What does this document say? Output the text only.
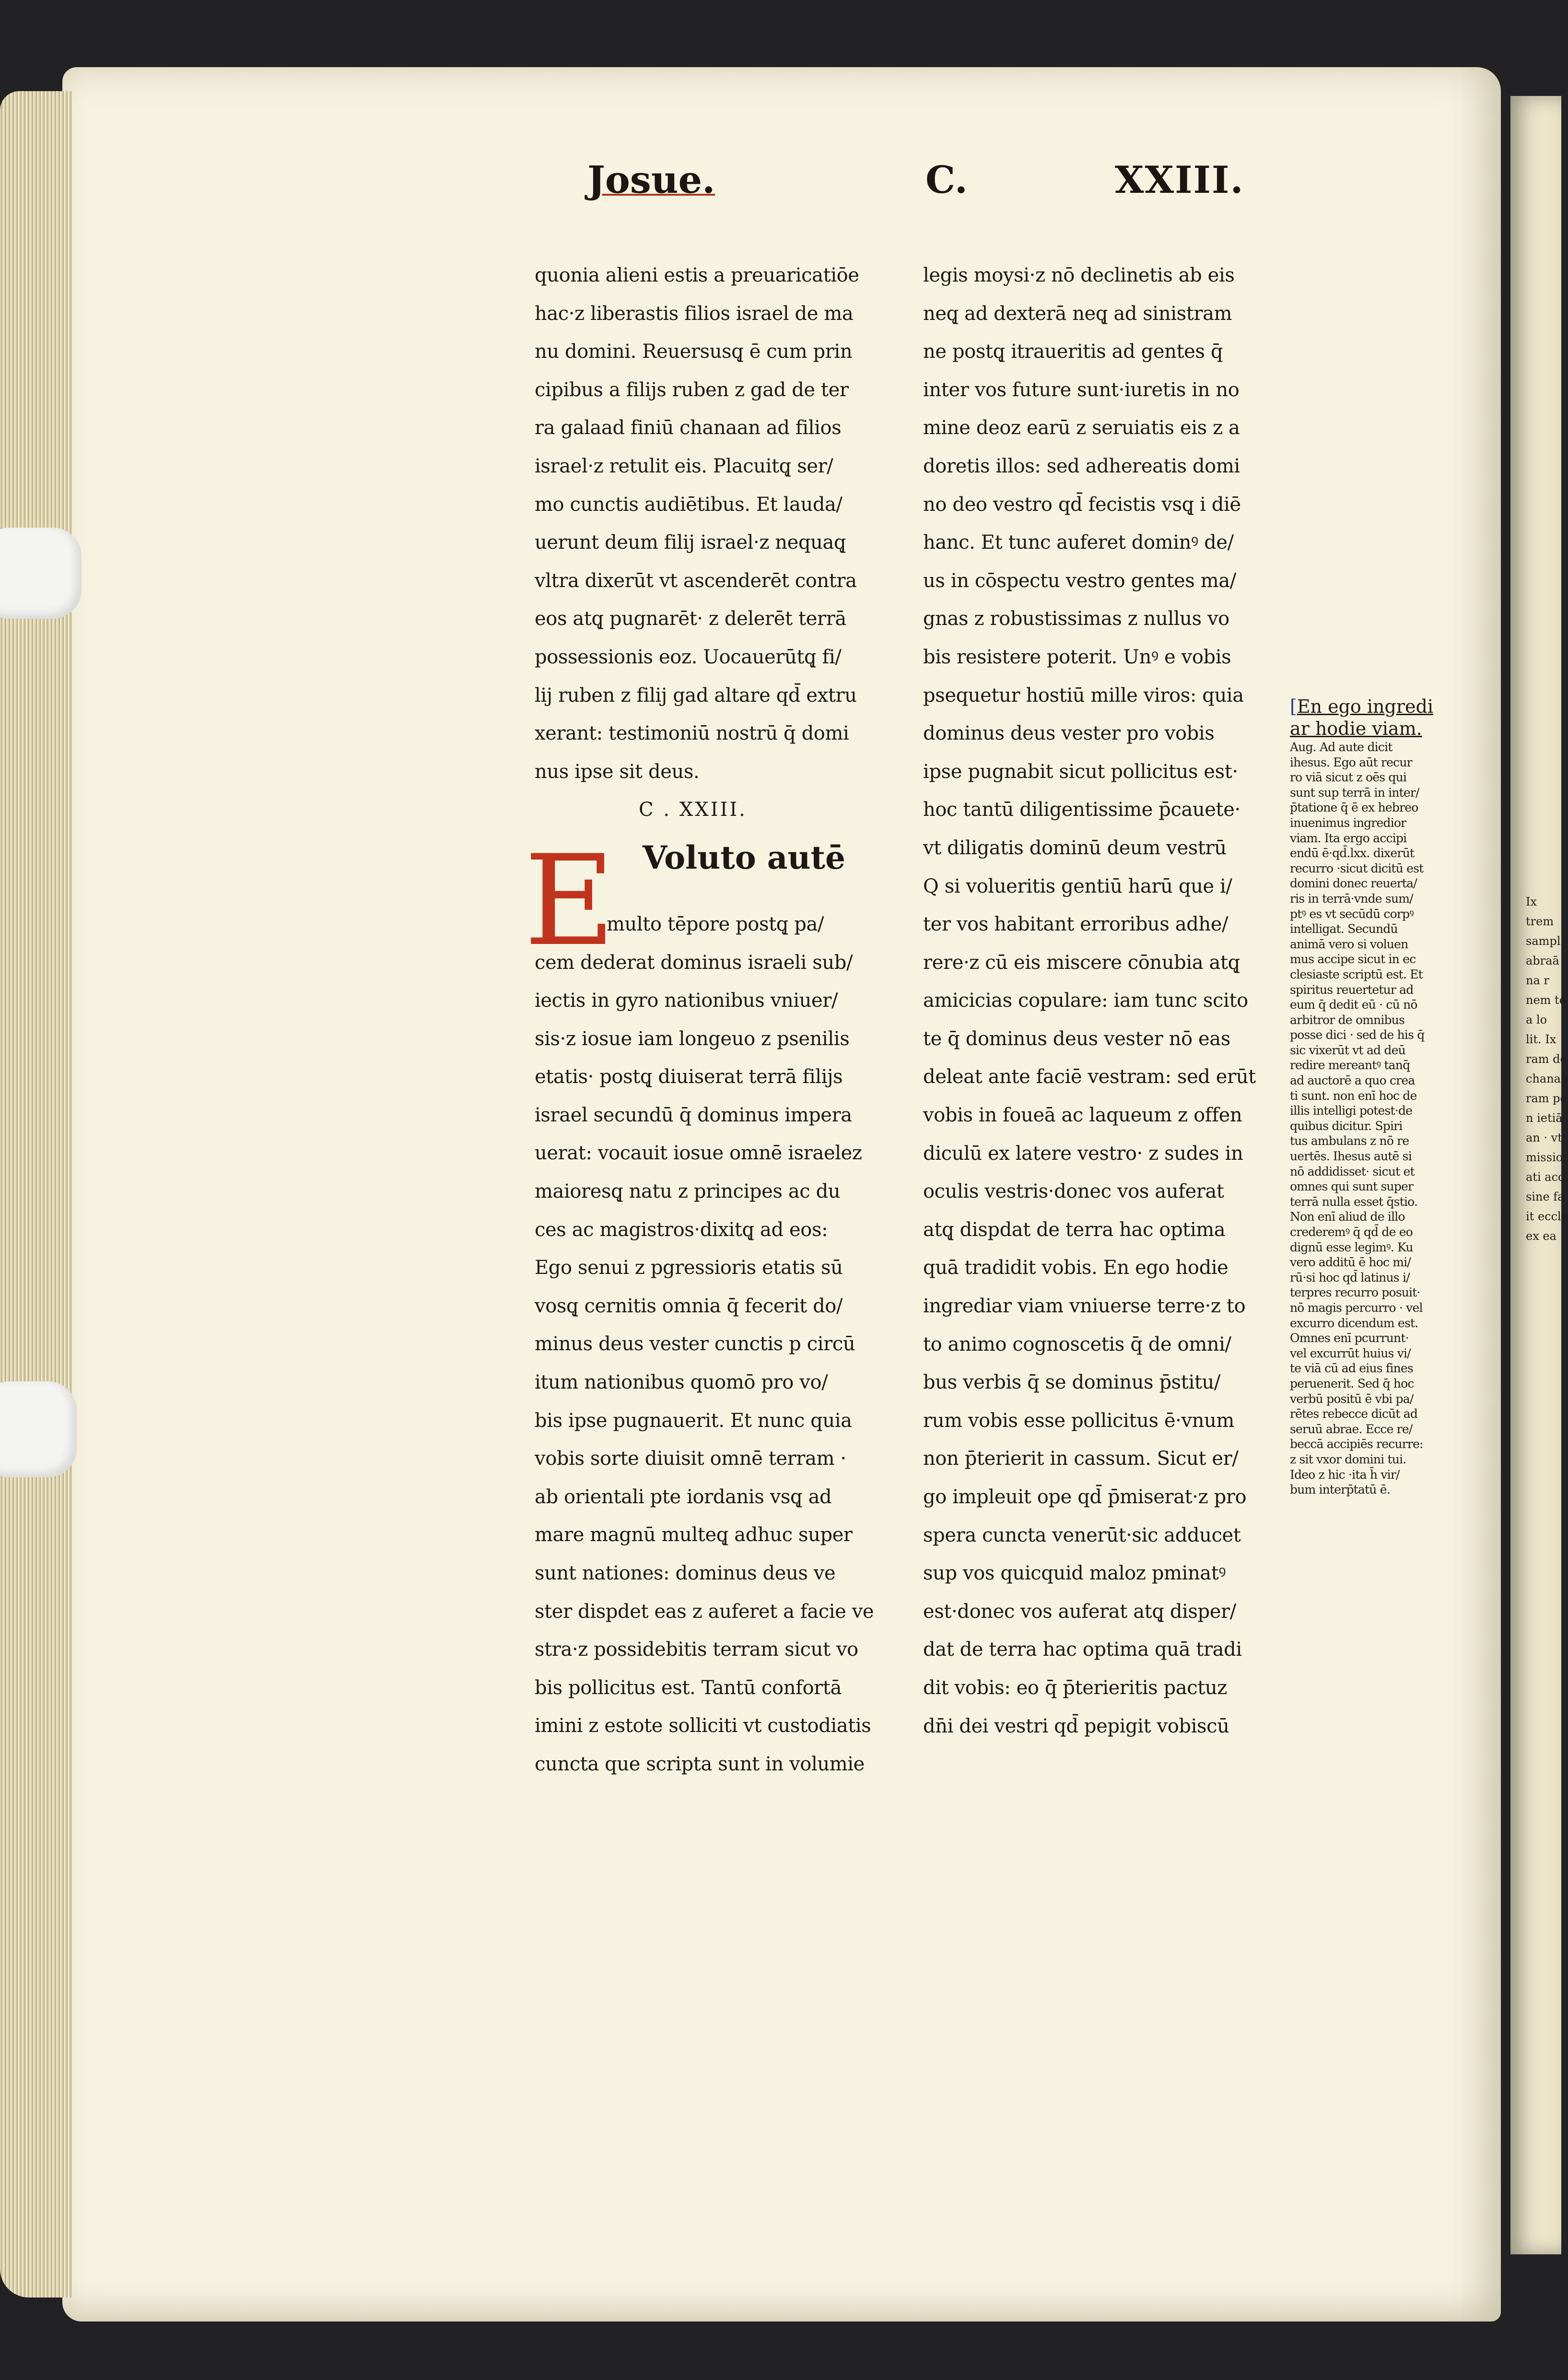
Josue.	C.	XXIII.
quonia alieni estis a preuaricatiōe
hac·z liberastis filios israel de ma
nu domini. Reuersusq̨ ē cum prin
cipibus a filijs ruben z gad de ter
ra galaad finiū chanaan ad filios
israel·z retulit eis. Placuitq̨ ser/
mo cunctis audiētibus. Et lauda/
uerunt deum filij israel·z nequaq̨
vltra dixerūt vt ascenderēt contra
eos atq̨ pugnarēt· z delerēt terrā
possessionis eoz. Uocauerūtq̨ fi/
lij ruben z filij gad altare qd̄ extru
xerant: testimoniū nostrū q̄ domi
nus ipse sit deus.
C . XXIII.
E Voluto autē
multo tēpore postq̨ pa/
cem dederat dominus israeli sub/
iectis in gyro nationibus vniuer/
sis·z iosue iam longeuo z psenilis
etatis· postq̨ diuiserat terrā filijs
israel secundū q̄ dominus impera
uerat: vocauit iosue omnē israelez
maioresq̨ natu z principes ac du
ces ac magistros·dixitq̨ ad eos:
Ego senui z pgressioris etatis sū
vosq̨ cernitis omnia q̄ fecerit do/
minus deus vester cunctis p circū
itum nationibus quomō pro vo/
bis ipse pugnauerit. Et nunc quia
vobis sorte diuisit omnē terram ·
ab orientali pte iordanis vsq̨ ad
mare magnū multeq̨ adhuc super
sunt nationes: dominus deus ve
ster dispdet eas z auferet a facie ve
stra·z possidebitis terram sicut vo
bis pollicitus est. Tantū confortā
imini z estote solliciti vt custodiatis
cuncta que scripta sunt in volumie
legis moysi·z nō declinetis ab eis
neq̨ ad dexterā neq̨ ad sinistram
ne postq̨ itraueritis ad gentes q̄
inter vos future sunt·iuretis in no
mine deoz earū z seruiatis eis z a
doretis illos: sed adhereatis domi
no deo vestro qd̄ fecistis vsq̨ i diē
hanc. Et tunc auferet dominꝰ de/
us in cōspectu vestro gentes ma/
gnas z robustissimas z nullus vo
bis resistere poterit. Unꝰ e vobis
psequetur hostiū mille viros: quia
dominus deus vester pro vobis
ipse pugnabit sicut pollicitus est·
hoc tantū diligentissime p̄cauete·
vt diligatis dominū deum vestrū
Q si volueritis gentiū harū que i/
ter vos habitant erroribus adhe/
rere·z cū eis miscere cōnubia atq̨
amicicias copulare: iam tunc scito
te q̄ dominus deus vester nō eas
deleat ante faciē vestram: sed erūt
vobis in foueā ac laqueum z offen
diculū ex latere vestro· z sudes in
oculis vestris·donec vos auferat
atq̨ dispdat de terra hac optima
quā tradidit vobis. En ego hodie
ingrediar viam vniuerse terre·z to
to animo cognoscetis q̄ de omni/
bus verbis q̄ se dominus p̄stitu/
rum vobis esse pollicitus ē·vnum
non p̄terierit in cassum. Sicut er/
go impleuit ope qd̄ p̄miserat·z pro
spera cuncta venerūt·sic adducet
sup vos quicquid maloz pminatꝰ
est·donec vos auferat atq̨ disper/
dat de terra hac optima quā tradi
dit vobis: eo q̄ p̄terieritis pactuz
dn̄i dei vestri qd̄ pepigit vobiscū
[En ego ingredi
ar hodie viam.
Aug. Ad aute dicit
ihesus. Ego aūt recur
ro viā sicut z oēs qui
sunt sup terrā in inter/
p̄tatione q̄ ē ex hebreo
inuenimus ingredior
viam. Ita ergo accipi
endū ē·qd̄.lxx. dixerūt
recurro ·sicut dicitū est
domini donec reuerta/
ris in terrā·vnde sum/
ptꝰ es vt secūdū corpꝰ
intelligat. Secundū
animā vero si voluen
mus accipe sicut in ec
clesiaste scriptū est. Et
spiritus reuertetur ad
eum q̄ dedit eū · cū nō
arbitror de omnibus
posse dici · sed de his q̄
sic vixerūt vt ad deū
redire mereantꝰ tanq̄
ad auctorē a quo crea
ti sunt. non enī hoc de
illis intelligi potest·de
quibus dicitur. Spiri
tus ambulans z nō re
uertēs. Ihesus autē si
nō addidisset· sicut et
omnes qui sunt super
terrā nulla esset q̄stio.
Non enī aliud de illo
crederemꝰ q̄ qd̄ de eo
dignū esse legimꝰ. Ku
vero additū ē hoc mi/
rū·si hoc qd̄ latinus i/
terpres recurro posuit·
nō magis percurro · vel
excurro dicendum est.
Omnes enī pcurrunt·
vel excurrūt huius vi/
te viā cū ad eius fines
peruenerit. Sed q̄ hoc
verbū positū ē vbi pa/
rētes rebecce dicūt ad
seruū abrae. Ecce re/
beccā accipiēs recurre:
z sit vxor domini tui.
Ideo z hic ·ita h̄ vir/
bum interp̄tatū ē.
Ix
trem
sampl
abraā
na r
nem te
a lo
lit. Ix
ram de
chanaa
ram pe
n ietiā
an · vt
missio
ati acc
sine fa
it eccle
ex ea
